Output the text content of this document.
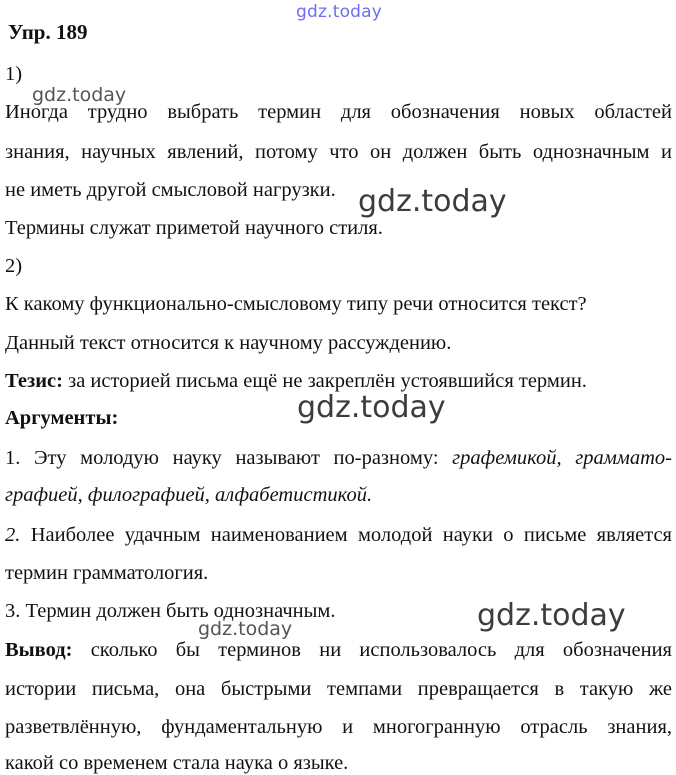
gdz.today
gdz.today
gdz.today
gdz.today
gdz.today
gdz.today
Упр. 189
1)
Иногда трудно выбрать термин для обозначения новых областей
знания, научных явлений, потому что он должен быть однозначным и
не иметь другой смысловой нагрузки.
Термины служат приметой научного стиля.
2)
К какому функционально-смысловому типу речи относится текст?
Данный текст относится к научному рассуждению.
Тезис: за историей письма ещё не закреплён устоявшийся термин.
Аргументы:
1. Эту молодую науку называют по-разному: графемикой, граммато-
графией, филографией, алфабетистикой.
2. Наиболее удачным наименованием молодой науки о письме является
термин грамматология.
3. Термин должен быть однозначным.
Вывод: сколько бы терминов ни использовалось для обозначения
истории письма, она быстрыми темпами превращается в такую же
разветвлённую, фундаментальную и многогранную отрасль знания,
какой со временем стала наука о языке.
